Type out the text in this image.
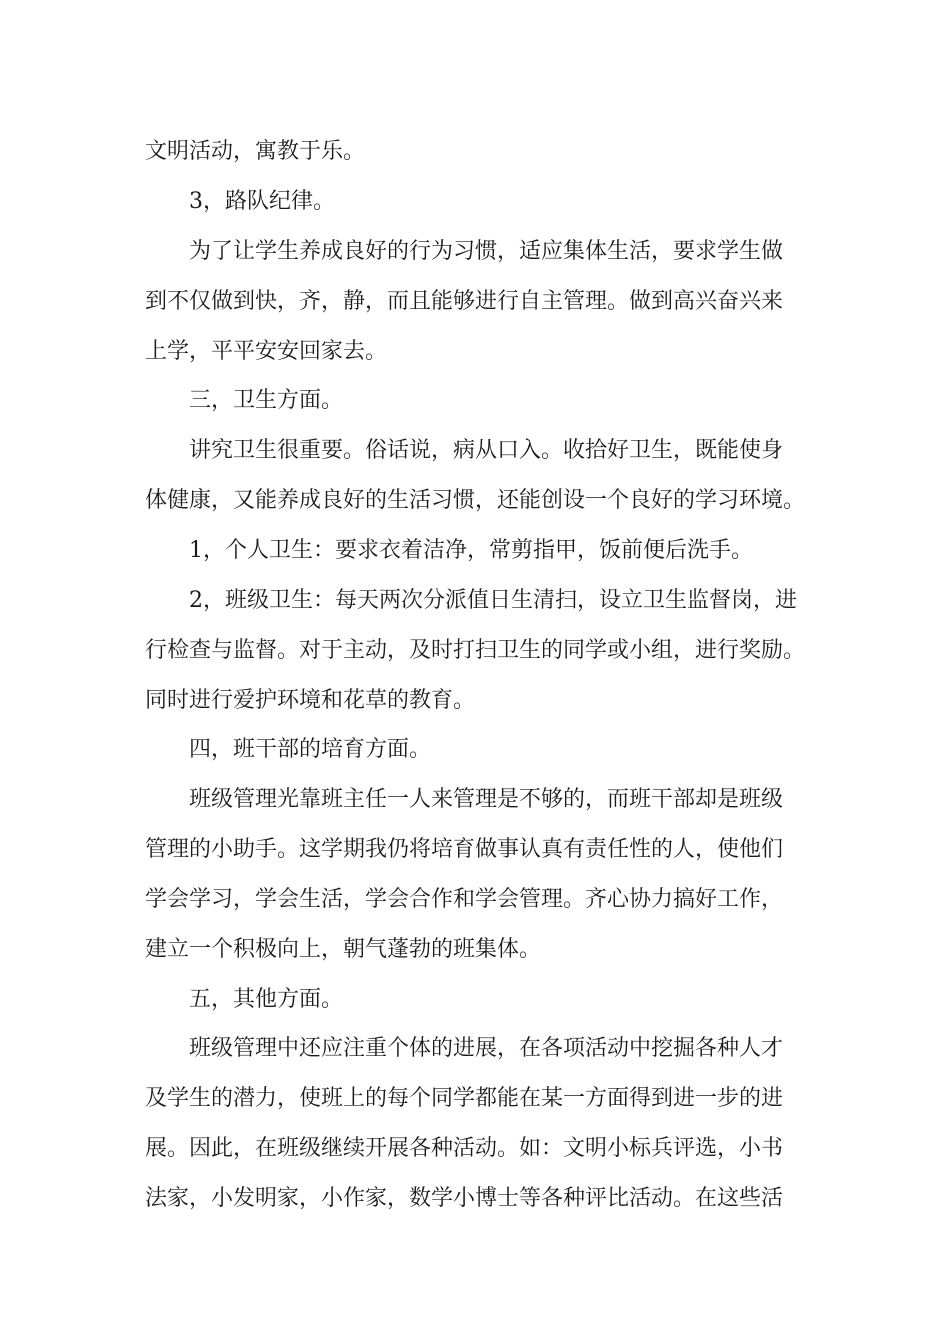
文明活动，寓教于乐。
3，路队纪律。
为了让学生养成良好的行为习惯，适应集体生活，要求学生做
到不仅做到快，齐，静，而且能够进行自主管理。做到高兴奋兴来
上学，平平安安回家去。
三，卫生方面。
讲究卫生很重要。俗话说，病从口入。收拾好卫生，既能使身
体健康，又能养成良好的生活习惯，还能创设一个良好的学习环境。
1，个人卫生：要求衣着洁净，常剪指甲，饭前便后洗手。
2，班级卫生：每天两次分派值日生清扫，设立卫生监督岗，进
行检查与监督。对于主动，及时打扫卫生的同学或小组，进行奖励。
同时进行爱护环境和花草的教育。
四，班干部的培育方面。
班级管理光靠班主任一人来管理是不够的，而班干部却是班级
管理的小助手。这学期我仍将培育做事认真有责任性的人，使他们
学会学习，学会生活，学会合作和学会管理。齐心协力搞好工作，
建立一个积极向上，朝气蓬勃的班集体。
五，其他方面。
班级管理中还应注重个体的进展，在各项活动中挖掘各种人才
及学生的潜力，使班上的每个同学都能在某一方面得到进一步的进
展。因此，在班级继续开展各种活动。如：文明小标兵评选，小书
法家，小发明家，小作家，数学小博士等各种评比活动。在这些活
